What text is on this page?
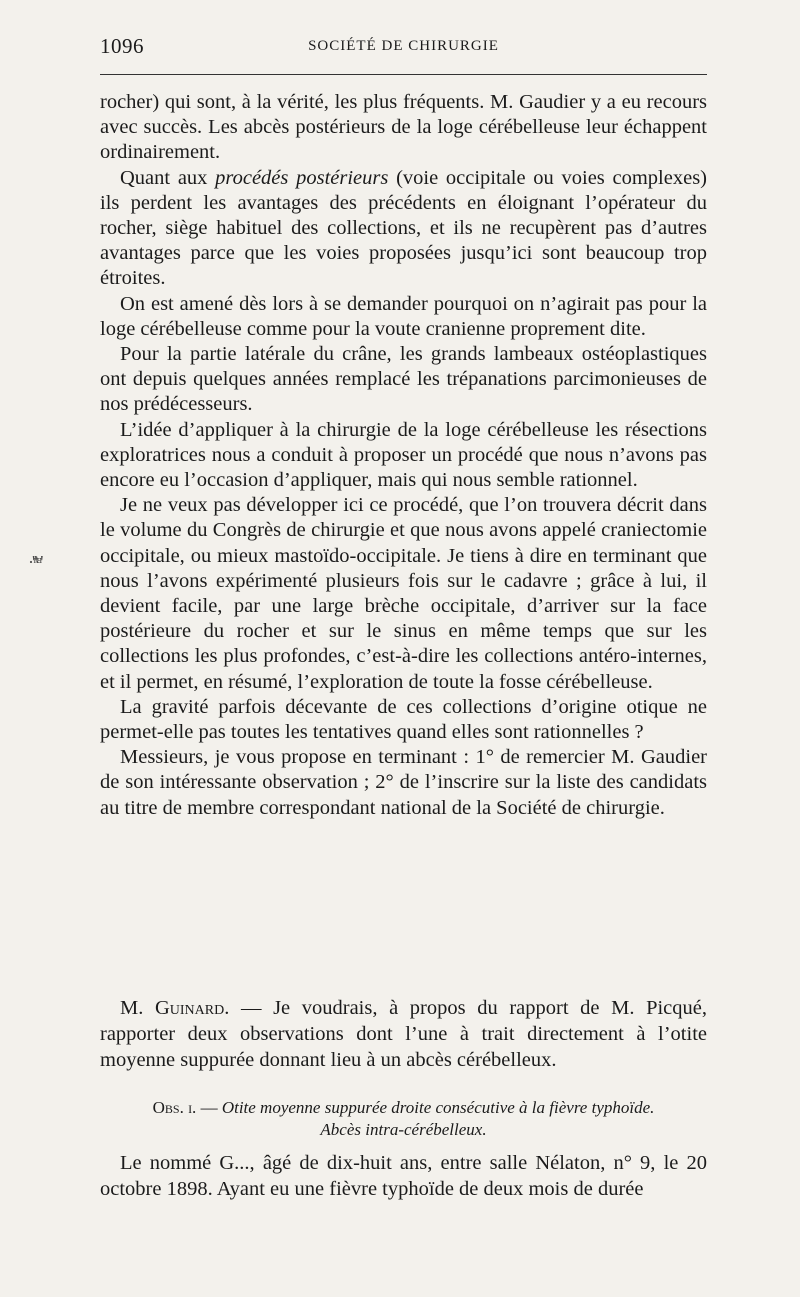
1096	SOCIÉTÉ DE CHIRURGIE
·'ᶦ'ᵗᵋᶦ'

rocher) qui sont, à la vérité, les plus fréquents. M. Gaudier y a eu recours avec succès. Les abcès postérieurs de la loge cérébelleuse leur échappent ordinairement.

Quant aux procédés postérieurs (voie occipitale ou voies complexes) ils perdent les avantages des précédents en éloignant l’opérateur du rocher, siège habituel des collections, et ils ne recupèrent pas d’autres avantages parce que les voies proposées jusqu’ici sont beaucoup trop étroites.

On est amené dès lors à se demander pourquoi on n’agirait pas pour la loge cérébelleuse comme pour la voute cranienne proprement dite.

Pour la partie latérale du crâne, les grands lambeaux ostéoplastiques ont depuis quelques années remplacé les trépanations parcimonieuses de nos prédécesseurs.

L’idée d’appliquer à la chirurgie de la loge cérébelleuse les résections exploratrices nous a conduit à proposer un procédé que nous n’avons pas encore eu l’occasion d’appliquer, mais qui nous semble rationnel.

Je ne veux pas développer ici ce procédé, que l’on trouvera décrit dans le volume du Congrès de chirurgie et que nous avons appelé craniectomie occipitale, ou mieux mastoïdo-occipitale. Je tiens à dire en terminant que nous l’avons expérimenté plusieurs fois sur le cadavre ; grâce à lui, il devient facile, par une large brèche occipitale, d’arriver sur la face postérieure du rocher et sur le sinus en même temps que sur les collections les plus profondes, c’est-à-dire les collections antéro-internes, et il permet, en résumé, l’exploration de toute la fosse cérébelleuse.

La gravité parfois décevante de ces collections d’origine otique ne permet-elle pas toutes les tentatives quand elles sont rationnelles ?

Messieurs, je vous propose en terminant : 1° de remercier M. Gaudier de son intéressante observation ; 2° de l’inscrire sur la liste des candidats au titre de membre correspondant national de la Société de chirurgie.

M. Guinard. — Je voudrais, à propos du rapport de M. Picqué, rapporter deux observations dont l’une à trait directement à l’otite moyenne suppurée donnant lieu à un abcès cérébelleux.

Obs. i. — Otite moyenne suppurée droite consécutive à la fièvre typhoïde.
Abcès intra-cérébelleux.

Le nommé G..., âgé de dix-huit ans, entre salle Nélaton, n° 9, le 20 octobre 1898. Ayant eu une fièvre typhoïde de deux mois de durée
